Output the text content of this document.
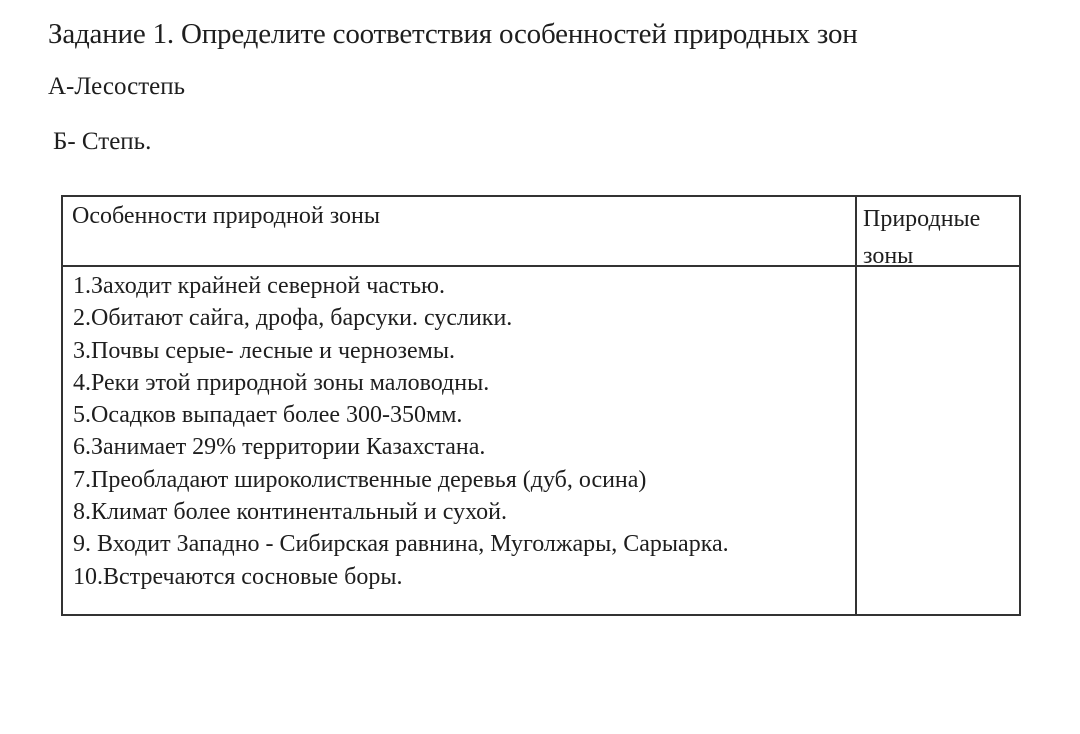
Задание 1. Определите соответствия особенностей природных зон
А-Лесостепь
Б- Степь.
Особенности природной зоны	Природные зоны
1.Заходит крайней северной частью.
2.Обитают сайга, дрофа, барсуки. суслики.
3.Почвы серые- лесные и черноземы.
4.Реки этой природной зоны маловодны.
5.Осадков выпадает более 300-350мм.
6.Занимает 29% территории Казахстана.
7.Преобладают широколиственные деревья (дуб, осина)
8.Климат более континентальный и сухой.
9. Входит Западно - Сибирская равнина, Муголжары, Сарыарка.
10.Встречаются сосновые боры.
